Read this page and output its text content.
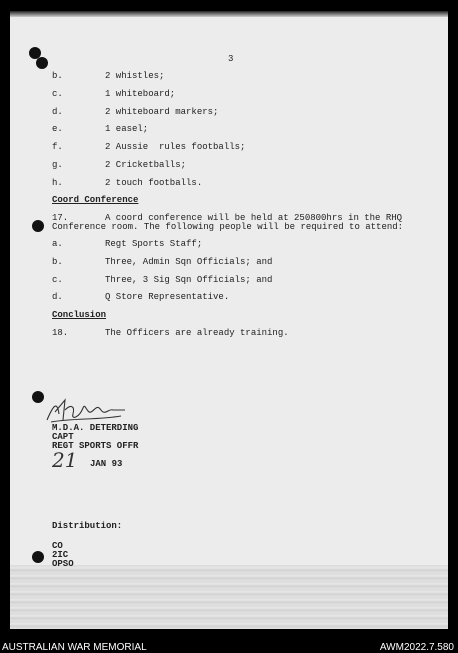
3
b.	2 whistles;
c.	1 whiteboard;
d.	2 whiteboard markers;
e.	1 easel;
f.	2 Aussie  rules footballs;
g.	2 Cricketballs;
h.	2 touch footballs.
Coord Conference
17.	A coord conference will be held at 250800hrs in the RHQ
Conference room. The following people will be required to attend:
a.	Regt Sports Staff;
b.	Three, Admin Sqn Officials; and
c.	Three, 3 Sig Sqn Officials; and
d.	Q Store Representative.
Conclusion
18.	The Officers are already training.
M.D.A. DETERDING
CAPT
REGT SPORTS OFFR
21 JAN 93
Distribution:
CO
2IC
OPSO
AUSTRALIAN WAR MEMORIAL	AWM2022.7.580
